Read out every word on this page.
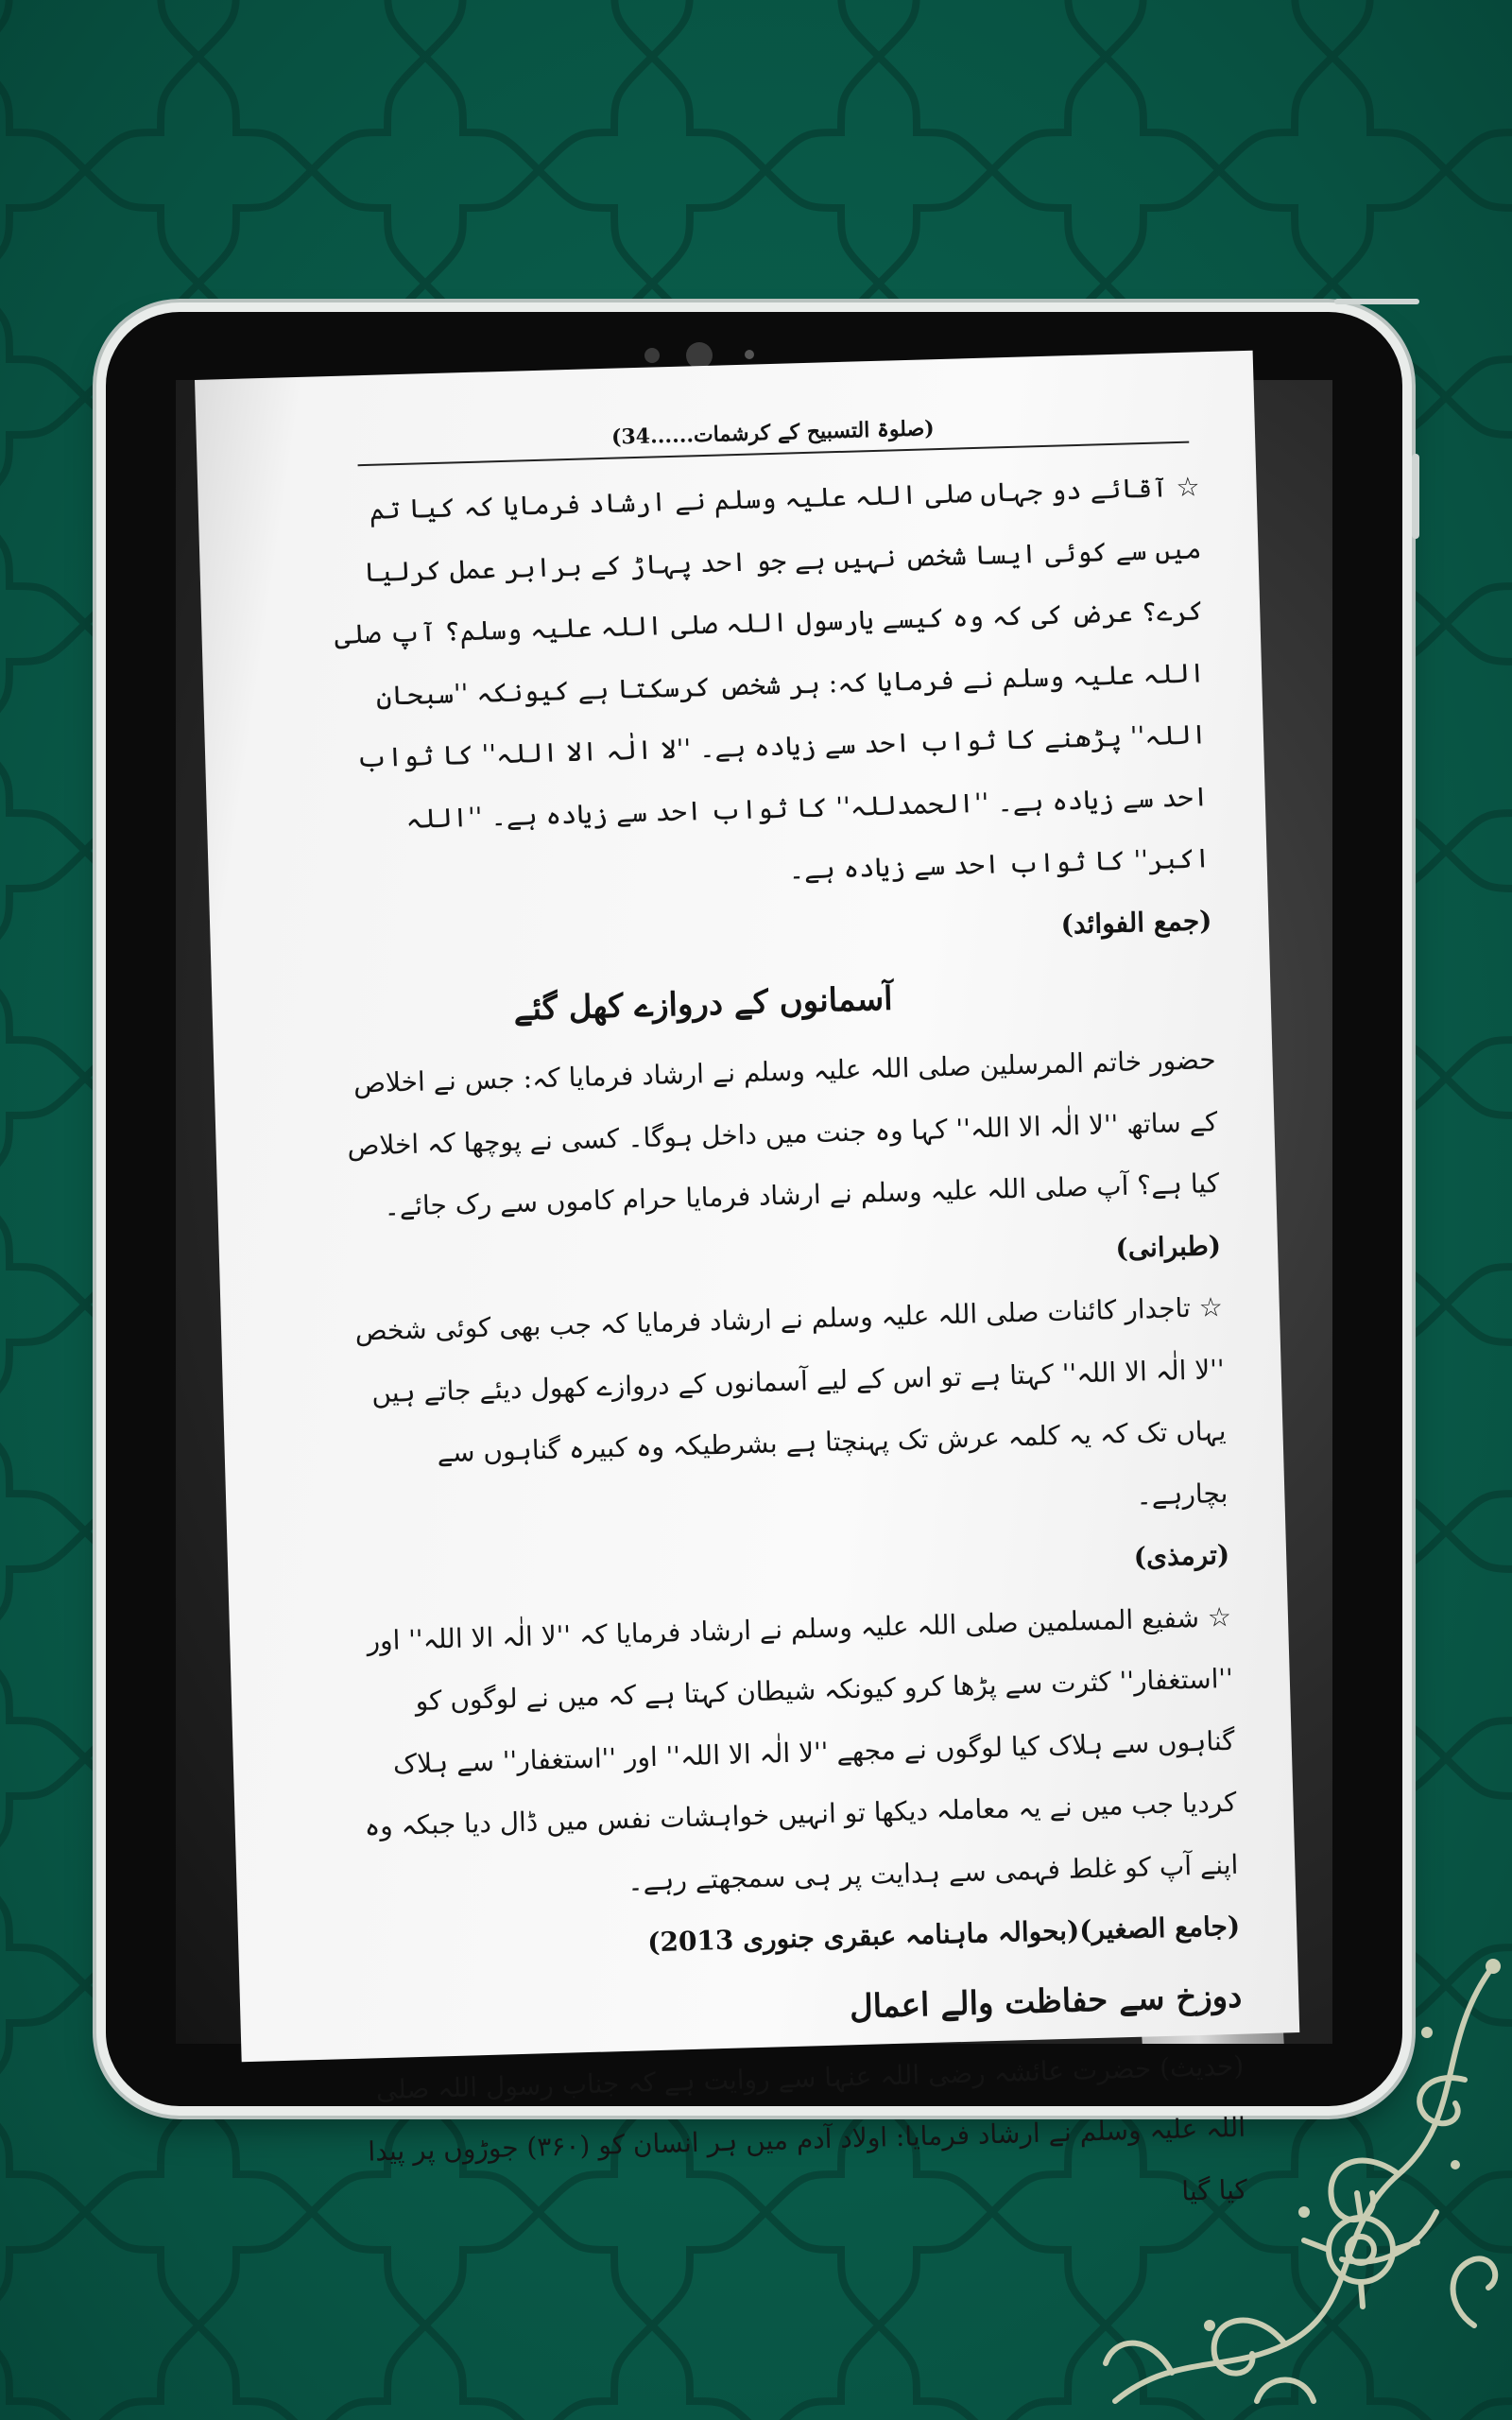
(صلوۃ التسبیح کے کرشمات......34)

☆ آقائے دو جہاں صلی اللہ علیہ وسلم نے ارشاد فرمایا کہ کیا تم میں سے کوئی ایسا شخص نہیں ہے جو احد پہاڑ کے برابر عمل کرلیا کرے؟ عرض کی کہ وہ کیسے یارسول اللہ صلی اللہ علیہ وسلم؟ آپ صلی اللہ علیہ وسلم نے فرمایا کہ: ہر شخص کرسکتا ہے کیونکہ ''سبحان اللہ'' پڑھنے کا ثواب احد سے زیادہ ہے۔ ''لا الٰہ الا اللہ'' کا ثواب احد سے زیادہ ہے۔ ''الحمدللہ'' کا ثواب احد سے زیادہ ہے۔ ''اللہ اکبر'' کا ثواب احد سے زیادہ ہے۔

(جمع الفوائد)

آسمانوں کے دروازے کھل گئے

حضور خاتم المرسلین صلی اللہ علیہ وسلم نے ارشاد فرمایا کہ: جس نے اخلاص کے ساتھ ''لا الٰہ الا اللہ'' کہا وہ جنت میں داخل ہوگا۔ کسی نے پوچھا کہ اخلاص کیا ہے؟ آپ صلی اللہ علیہ وسلم نے ارشاد فرمایا حرام کاموں سے رک جائے۔

(طبرانی)

☆ تاجدار کائنات صلی اللہ علیہ وسلم نے ارشاد فرمایا کہ جب بھی کوئی شخص ''لا الٰہ الا اللہ'' کہتا ہے تو اس کے لیے آسمانوں کے دروازے کھول دیئے جاتے ہیں یہاں تک کہ یہ کلمہ عرش تک پہنچتا ہے بشرطیکہ وہ کبیرہ گناہوں سے بچارہے۔

(ترمذی)

☆ شفیع المسلمین صلی اللہ علیہ وسلم نے ارشاد فرمایا کہ ''لا الٰہ الا اللہ'' اور ''استغفار'' کثرت سے پڑھا کرو کیونکہ شیطان کہتا ہے کہ میں نے لوگوں کو گناہوں سے ہلاک کیا لوگوں نے مجھے ''لا الٰہ الا اللہ'' اور ''استغفار'' سے ہلاک کردیا جب میں نے یہ معاملہ دیکھا تو انہیں خواہشات نفس میں ڈال دیا جبکہ وہ اپنے آپ کو غلط فہمی سے ہدایت پر ہی سمجھتے رہے۔

(جامع الصغیر)(بحوالہ ماہنامہ عبقری جنوری 2013)

دوزخ سے حفاظت والے اعمال

(حدیث) حضرت عائشہ رضی اللہ عنہا سے روایت ہے کہ جناب رسول اللہ صلی اللہ علیہ وسلم نے ارشاد فرمایا: اولاد آدم میں ہر انسان کو (۳۶۰) جوڑوں پر پیدا کیا گیا
